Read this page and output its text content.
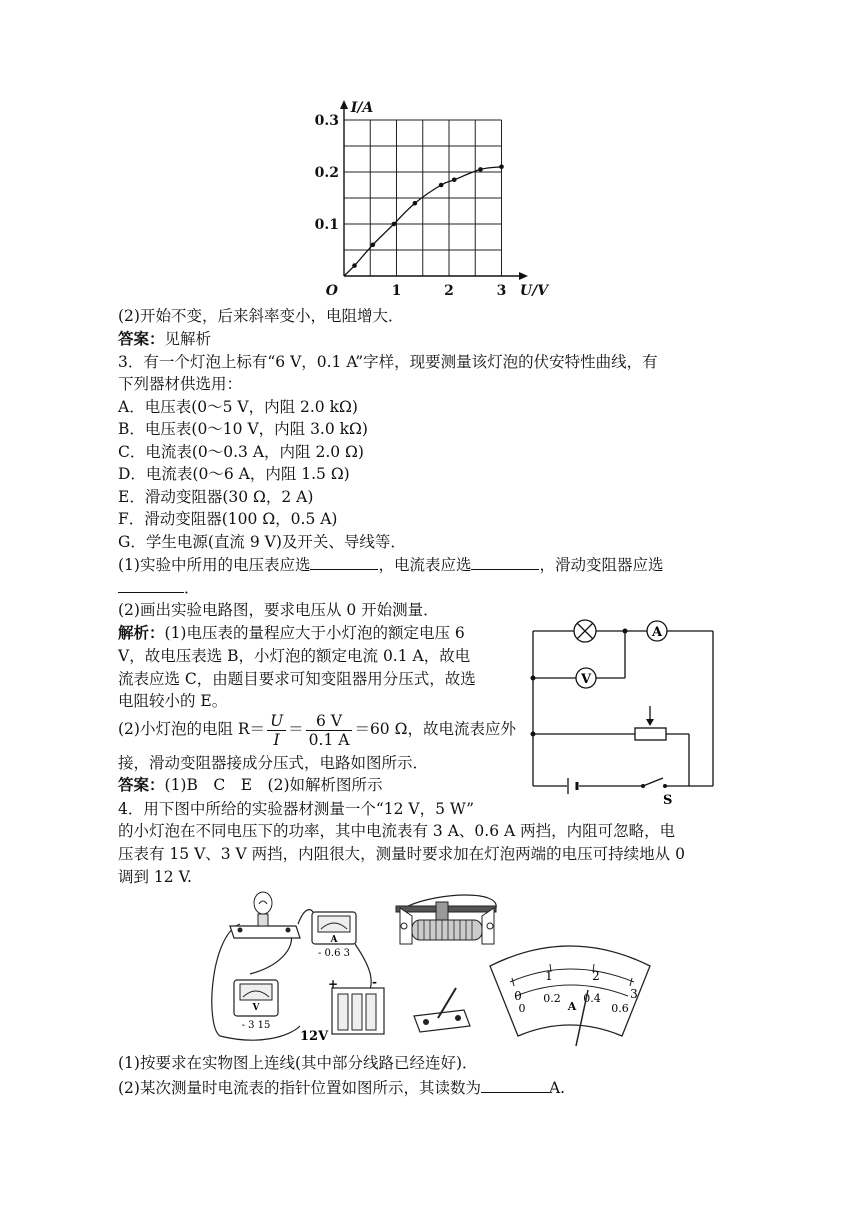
0.1
0.2
0.3
1	2	3
O	U/V
I/A
(2)开始不变，后来斜率变小，电阻增大．
答案：见解析
3．有一个灯泡上标有“6 V，0.1 A”字样，现要测量该灯泡的伏安特性曲线，有
下列器材供选用：
A．电压表(0～5 V，内阻 2.0 kΩ)
B．电压表(0～10 V，内阻 3.0 kΩ)
C．电流表(0～0.3 A，内阻 2.0 Ω)
D．电流表(0～6 A，内阻 1.5 Ω)
E．滑动变阻器(30 Ω，2 A)
F．滑动变阻器(100 Ω，0.5 A)
G．学生电源(直流 9 V)及开关、导线等．
(1)实验中所用的电压表应选	，电流表应选	，滑动变阻器应选
．
(2)画出实验电路图，要求电压从 0 开始测量．
解析：(1)电压表的量程应大于小灯泡的额定电压 6
V，故电压表选 B，小灯泡的额定电流 0.1 A，故电
流表应选 C，由题目要求可知变阻器用分压式，故选
电阻较小的 E。
(2)小灯泡的电阻 $R= \frac{U}{I} = \frac{6 V}{0.1 A} =60$ Ω，故电流表应外
接，滑动变阻器接成分压式，电路如图所示．
答案：(1)B　C　E　(2)如解析图所示
A
V
S
4．用下图中所给的实验器材测量一个“12 V，5 W”
的小灯泡在不同电压下的功率，其中电流表有 3 A、0.6 A 两挡，内阻可忽略，电
压表有 15 V、3 V 两挡，内阻很大，测量时要求加在灯泡两端的电压可持续地从 0
调到 12 V.
A
- 0.6 3
V
- 3 15
+	-
12V
0
1	2
3
0
0.2 0.4
0.6
A
(1)按要求在实物图上连线(其中部分线路已经连好)．
(2)某次测量时电流表的指针位置如图所示，其读数为	A.
